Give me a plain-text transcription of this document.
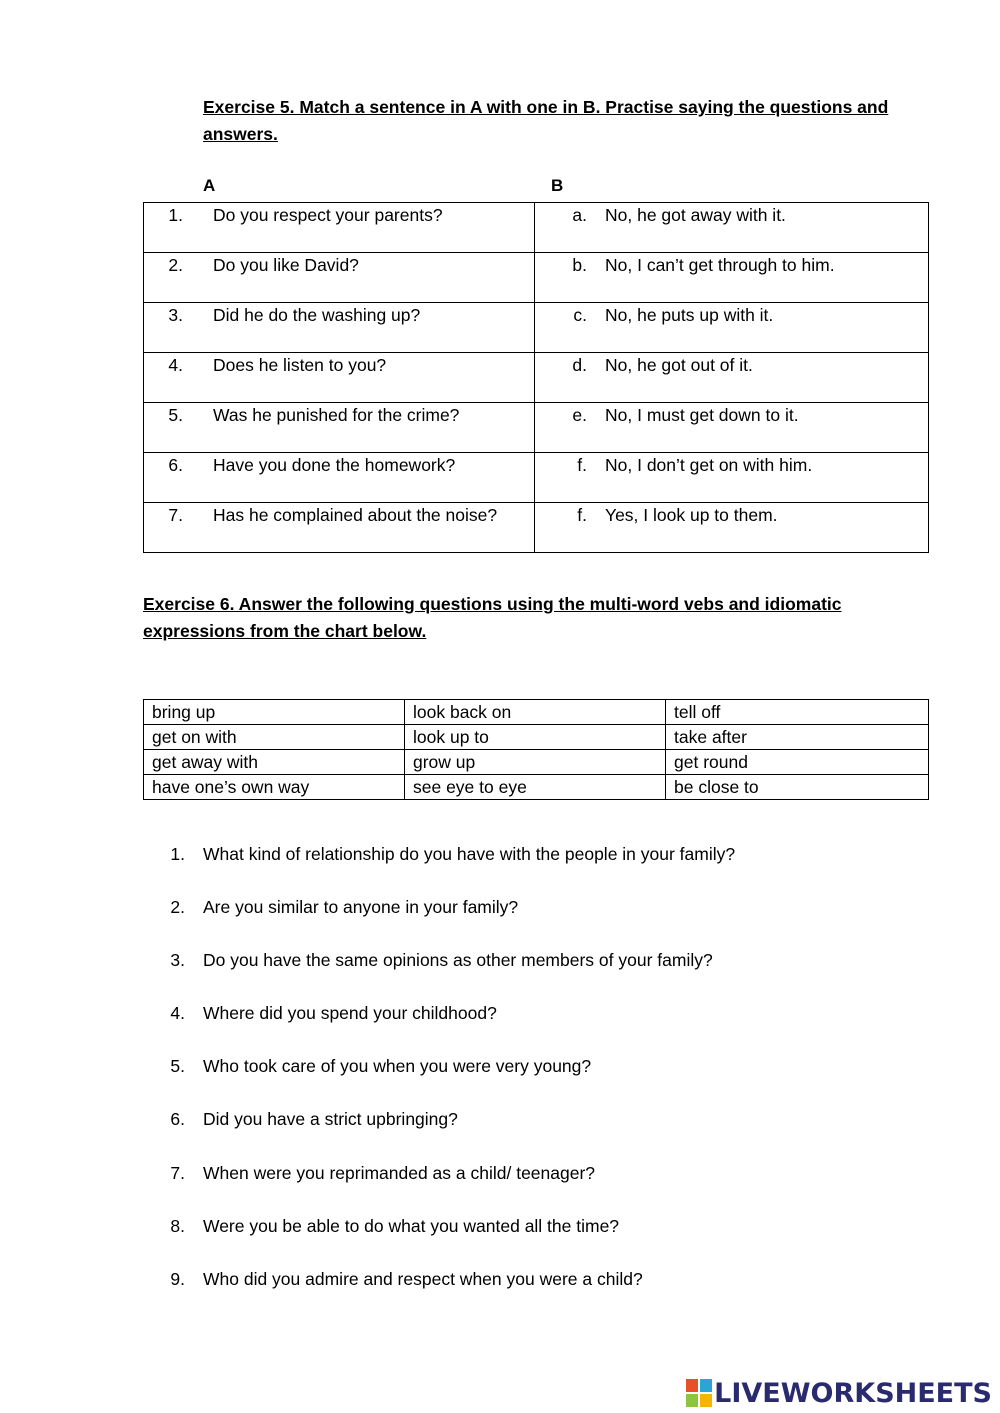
Exercise 5. Match a sentence in A with one in B. Practise saying the questions and answers.
A	B
1. Do you respect your parents?	a. No, he got away with it.

2. Do you like David?	b. No, I can’t get through to him.

3. Did he do the washing up?	c. No, he puts up with it.

4. Does he listen to you?	d. No, he got out of it.

5. Was he punished for the crime?	e. No, I must get down to it.

6. Have you done the homework?	f. No, I don’t get on with him.

7. Has he complained about the noise?	f. Yes, I look up to them.
Exercise 6. Answer the following questions using the multi-word vebs and idiomatic expressions from the chart below.
bring up	look back on	tell off
get on with	look up to	take after
get away with	grow up	get round
have one’s own way	see eye to eye	be close to
1. What kind of relationship do you have with the people in your family?
2. Are you similar to anyone in your family?
3. Do you have the same opinions as other members of your family?
4. Where did you spend your childhood?
5. Who took care of you when you were very young?
6. Did you have a strict upbringing?
7. When were you reprimanded as a child/ teenager?
8. Were you be able to do what you wanted all the time?
9. Who did you admire and respect when you were a child?
LIVEWORKSHEETS
